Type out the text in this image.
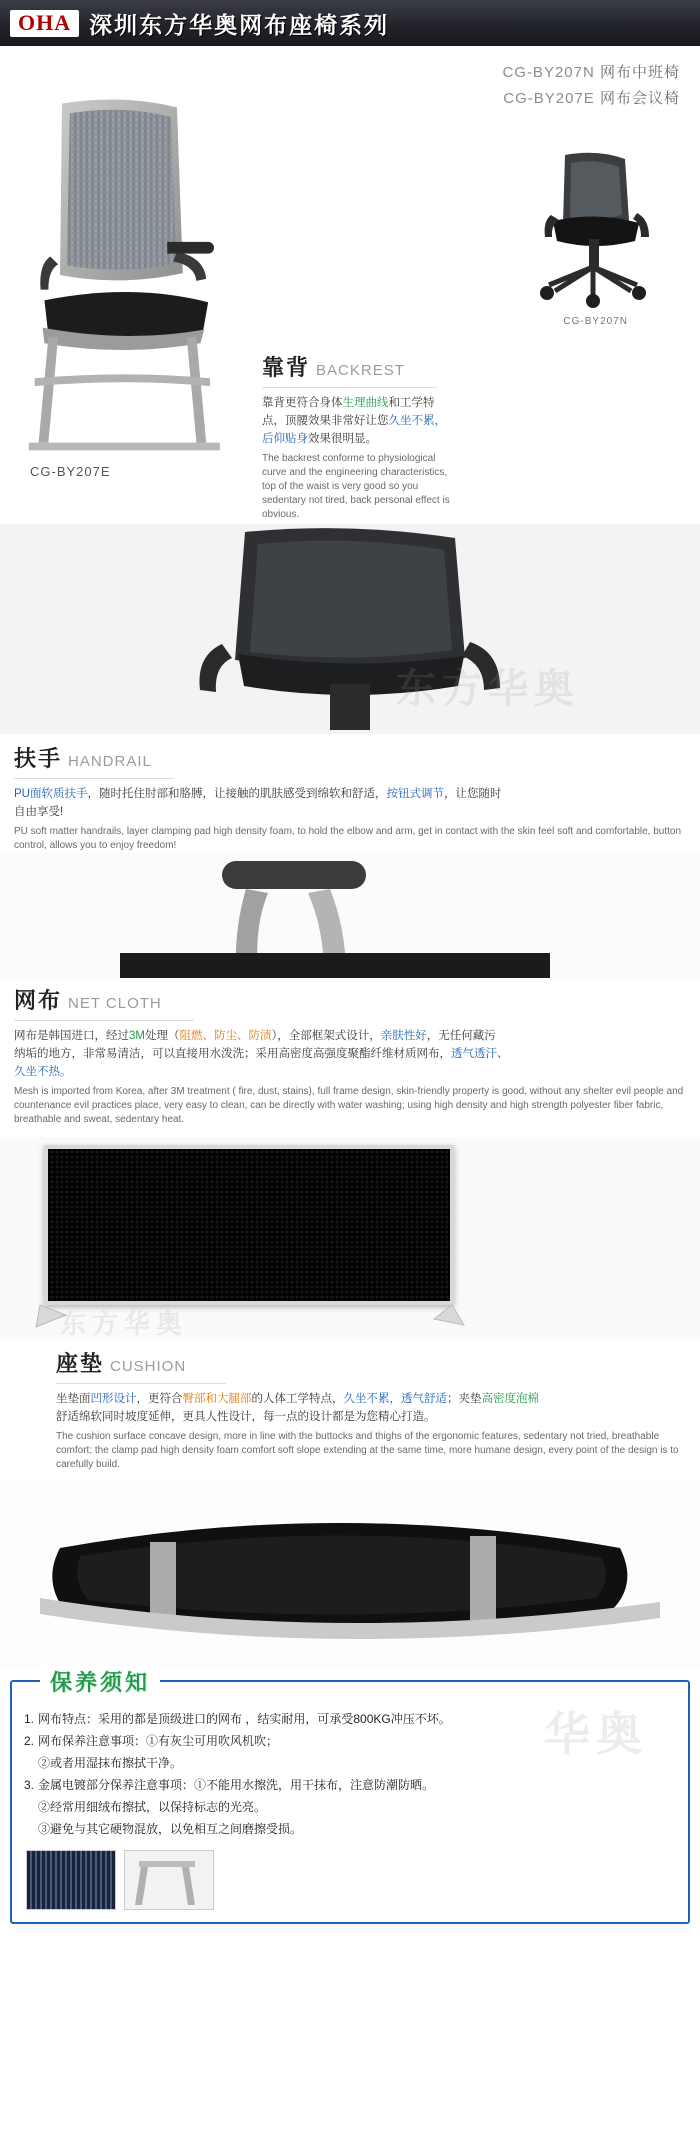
OHA 深圳东方华奥网布座椅系列
CG-BY207N 网布中班椅
CG-BY207E 网布会议椅
CG-BY207E
CG-BY207N
靠背 BACKREST
靠背更符合身体生理曲线和工学特点，顶腰效果非常好让您久坐不累，后仰贴身效果很明显。
The backrest conforme to physiological curve and the engineering characteristics, top of the waist is very good so you sedentary not tired, back personal effect is obvious.
扶手 HANDRAIL
PU面软质扶手，随时托住肘部和胳膊，让接触的肌肤感受到绵软和舒适，按钮式调节，让您随时
自由享受!
PU soft matter handrails, layer clamping pad high density foam, to hold the elbow and arm, get in contact with the skin feel soft and comfortable, button control, allows you to enjoy freedom!
网布 NET CLOTH
网布是韩国进口，经过3M处理（阻燃、防尘、防渍），全部框架式设计，亲肤性好，无任何藏污
纳垢的地方，非常易清洁，可以直接用水泼洗；采用高密度高强度聚酯纤维材质网布，透气透汗、
久坐不热。
Mesh is imported from Korea, after 3M treatment ( fire, dust, stains), full frame design, skin-friendly property is good, without any shelter evil people and countenance evil practices place, very easy to clean, can be directly with water washing; using high density and high strength polyester fiber fabric, breathable and sweat, sedentary heat.
东方华奥
座垫 CUSHION
坐垫面凹形设计，更符合臀部和大腿部的人体工学特点，久坐不累，透气舒适；夹垫高密度泡棉
舒适绵软同时坡度延伸，更具人性设计，每一点的设计都是为您精心打造。
The cushion surface concave design, more in line with the buttocks and thighs of the ergonomic features, sedentary not tried, breathable comfort; the clamp pad high density foam comfort soft slope extending at the same time, more humane design, every point of the design is to carefully build.
保养须知
华奥
1. 网布特点：采用的都是顶级进口的网布 ，结实耐用，可承受800KG冲压不坏。
2. 网布保养注意事项：①有灰尘可用吹风机吹；
②或者用湿抹布擦拭干净。
3. 金属电镀部分保养注意事项：①不能用水擦洗，用干抹布，注意防潮防晒。
②经常用细绒布擦拭，以保持标志的光亮。
③避免与其它硬物混放，以免相互之间磨擦受损。
